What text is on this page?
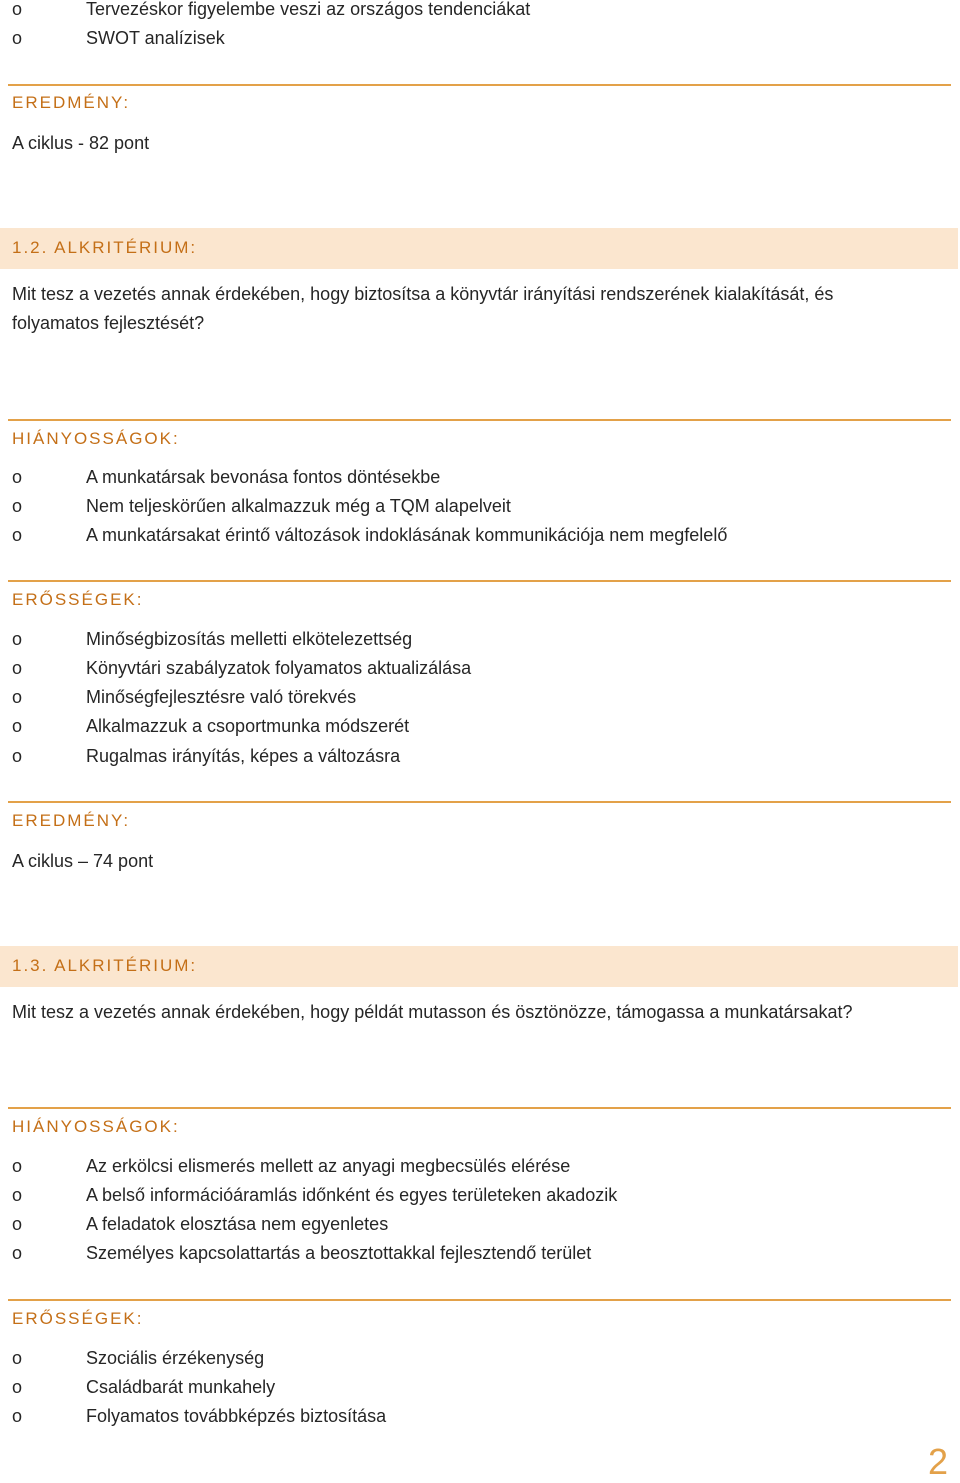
o	Tervezéskor figyelembe veszi az országos tendenciákat
o	SWOT analízisek
EREDMÉNY:
A ciklus - 82 pont
1.2. ALKRITÉRIUM:
Mit tesz a vezetés annak érdekében, hogy biztosítsa a könyvtár irányítási rendszerének kialakítását, és
folyamatos fejlesztését?
HIÁNYOSSÁGOK:
o	A munkatársak bevonása fontos döntésekbe
o	Nem teljeskörűen alkalmazzuk még a TQM alapelveit
o	A munkatársakat érintő változások indoklásának kommunikációja nem megfelelő
ERŐSSÉGEK:
o	Minőségbizosítás melletti elkötelezettség
o	Könyvtári szabályzatok folyamatos aktualizálása
o	Minőségfejlesztésre való törekvés
o	Alkalmazzuk a csoportmunka módszerét
o	Rugalmas irányítás, képes a változásra
EREDMÉNY:
A ciklus – 74 pont
1.3. ALKRITÉRIUM:
Mit tesz a vezetés annak érdekében, hogy példát mutasson és ösztönözze, támogassa a munkatársakat?
HIÁNYOSSÁGOK:
o	Az erkölcsi elismerés mellett az anyagi megbecsülés elérése
o	A belső információáramlás időnként és egyes területeken akadozik
o	A feladatok elosztása nem egyenletes
o	Személyes kapcsolattartás a beosztottakkal fejlesztendő terület
ERŐSSÉGEK:
o	Szociális érzékenység
o	Családbarát munkahely
o	Folyamatos továbbképzés biztosítása
2
